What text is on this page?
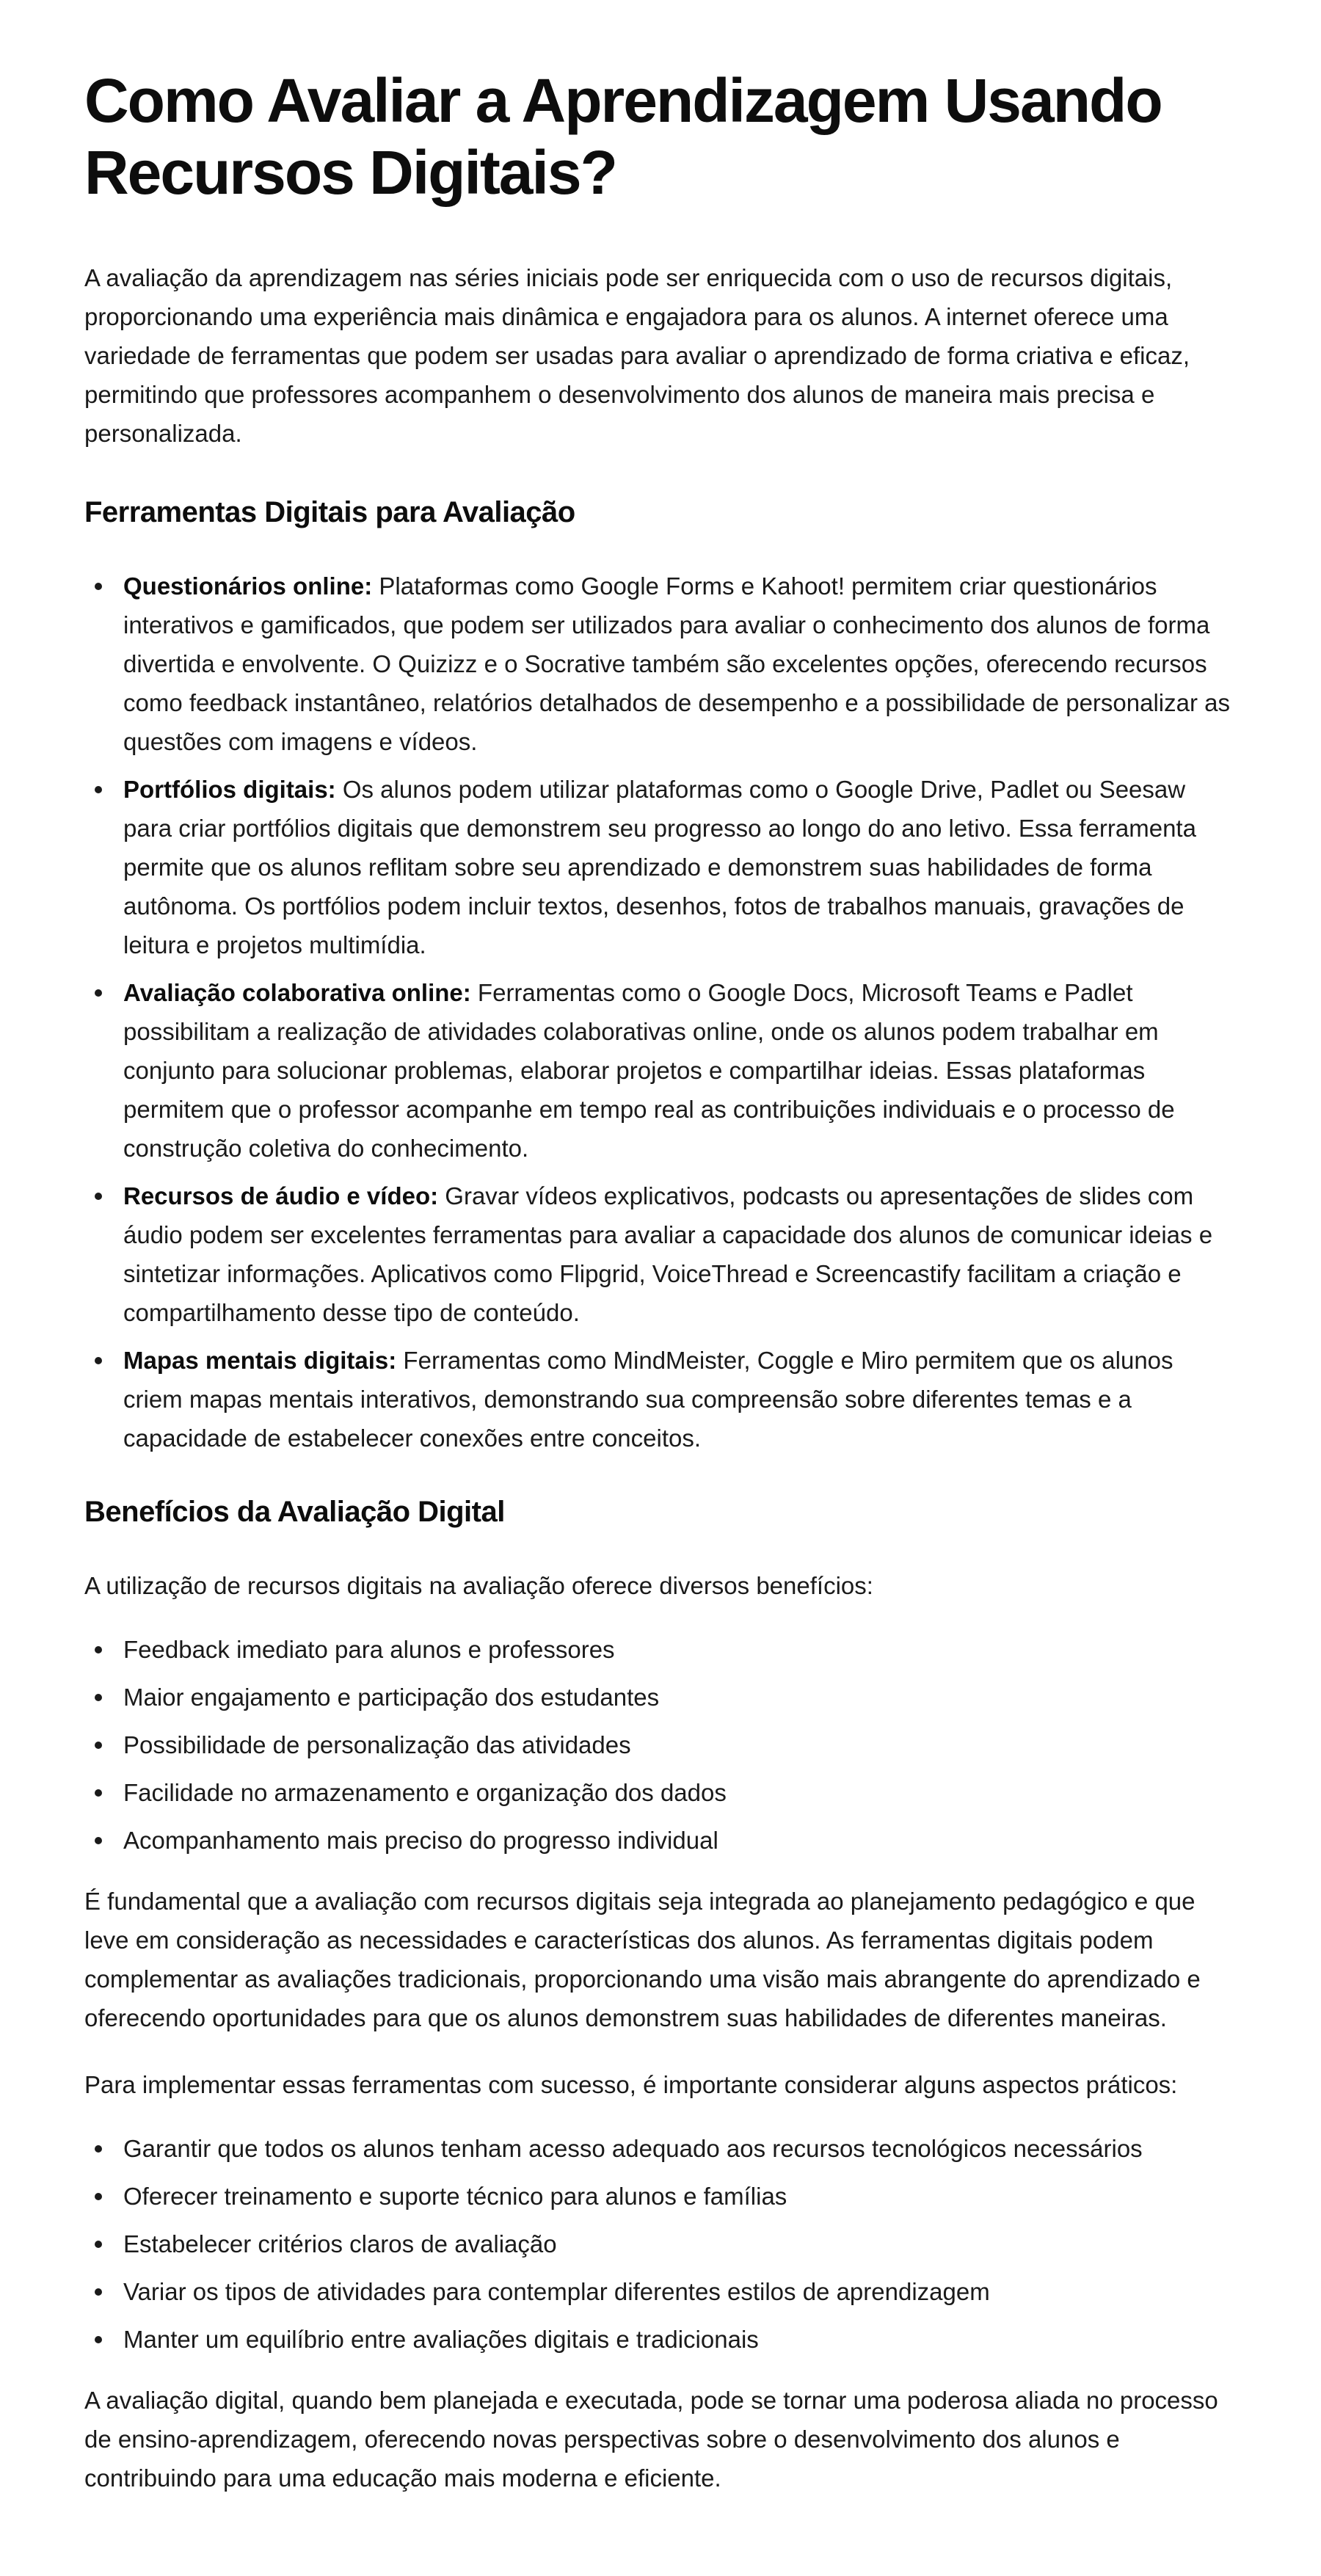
Como Avaliar a Aprendizagem Usando Recursos Digitais?

A avaliação da aprendizagem nas séries iniciais pode ser enriquecida com o uso de recursos digitais, proporcionando uma experiência mais dinâmica e engajadora para os alunos. A internet oferece uma variedade de ferramentas que podem ser usadas para avaliar o aprendizado de forma criativa e eficaz, permitindo que professores acompanhem o desenvolvimento dos alunos de maneira mais precisa e personalizada.

Ferramentas Digitais para Avaliação
Questionários online: Plataformas como Google Forms e Kahoot! permitem criar questionários interativos e gamificados, que podem ser utilizados para avaliar o conhecimento dos alunos de forma divertida e envolvente. O Quizizz e o Socrative também são excelentes opções, oferecendo recursos como feedback instantâneo, relatórios detalhados de desempenho e a possibilidade de personalizar as questões com imagens e vídeos.
Portfólios digitais: Os alunos podem utilizar plataformas como o Google Drive, Padlet ou Seesaw para criar portfólios digitais que demonstrem seu progresso ao longo do ano letivo. Essa ferramenta permite que os alunos reflitam sobre seu aprendizado e demonstrem suas habilidades de forma autônoma. Os portfólios podem incluir textos, desenhos, fotos de trabalhos manuais, gravações de leitura e projetos multimídia.
Avaliação colaborativa online: Ferramentas como o Google Docs, Microsoft Teams e Padlet possibilitam a realização de atividades colaborativas online, onde os alunos podem trabalhar em conjunto para solucionar problemas, elaborar projetos e compartilhar ideias. Essas plataformas permitem que o professor acompanhe em tempo real as contribuições individuais e o processo de construção coletiva do conhecimento.
Recursos de áudio e vídeo: Gravar vídeos explicativos, podcasts ou apresentações de slides com áudio podem ser excelentes ferramentas para avaliar a capacidade dos alunos de comunicar ideias e sintetizar informações. Aplicativos como Flipgrid, VoiceThread e Screencastify facilitam a criação e compartilhamento desse tipo de conteúdo.
Mapas mentais digitais: Ferramentas como MindMeister, Coggle e Miro permitem que os alunos criem mapas mentais interativos, demonstrando sua compreensão sobre diferentes temas e a capacidade de estabelecer conexões entre conceitos.
Benefícios da Avaliação Digital

A utilização de recursos digitais na avaliação oferece diversos benefícios:

Feedback imediato para alunos e professores
Maior engajamento e participação dos estudantes
Possibilidade de personalização das atividades
Facilidade no armazenamento e organização dos dados
Acompanhamento mais preciso do progresso individual

É fundamental que a avaliação com recursos digitais seja integrada ao planejamento pedagógico e que leve em consideração as necessidades e características dos alunos. As ferramentas digitais podem complementar as avaliações tradicionais, proporcionando uma visão mais abrangente do aprendizado e oferecendo oportunidades para que os alunos demonstrem suas habilidades de diferentes maneiras.

Para implementar essas ferramentas com sucesso, é importante considerar alguns aspectos práticos:

Garantir que todos os alunos tenham acesso adequado aos recursos tecnológicos necessários
Oferecer treinamento e suporte técnico para alunos e famílias
Estabelecer critérios claros de avaliação
Variar os tipos de atividades para contemplar diferentes estilos de aprendizagem
Manter um equilíbrio entre avaliações digitais e tradicionais

A avaliação digital, quando bem planejada e executada, pode se tornar uma poderosa aliada no processo de ensino-aprendizagem, oferecendo novas perspectivas sobre o desenvolvimento dos alunos e contribuindo para uma educação mais moderna e eficiente.
